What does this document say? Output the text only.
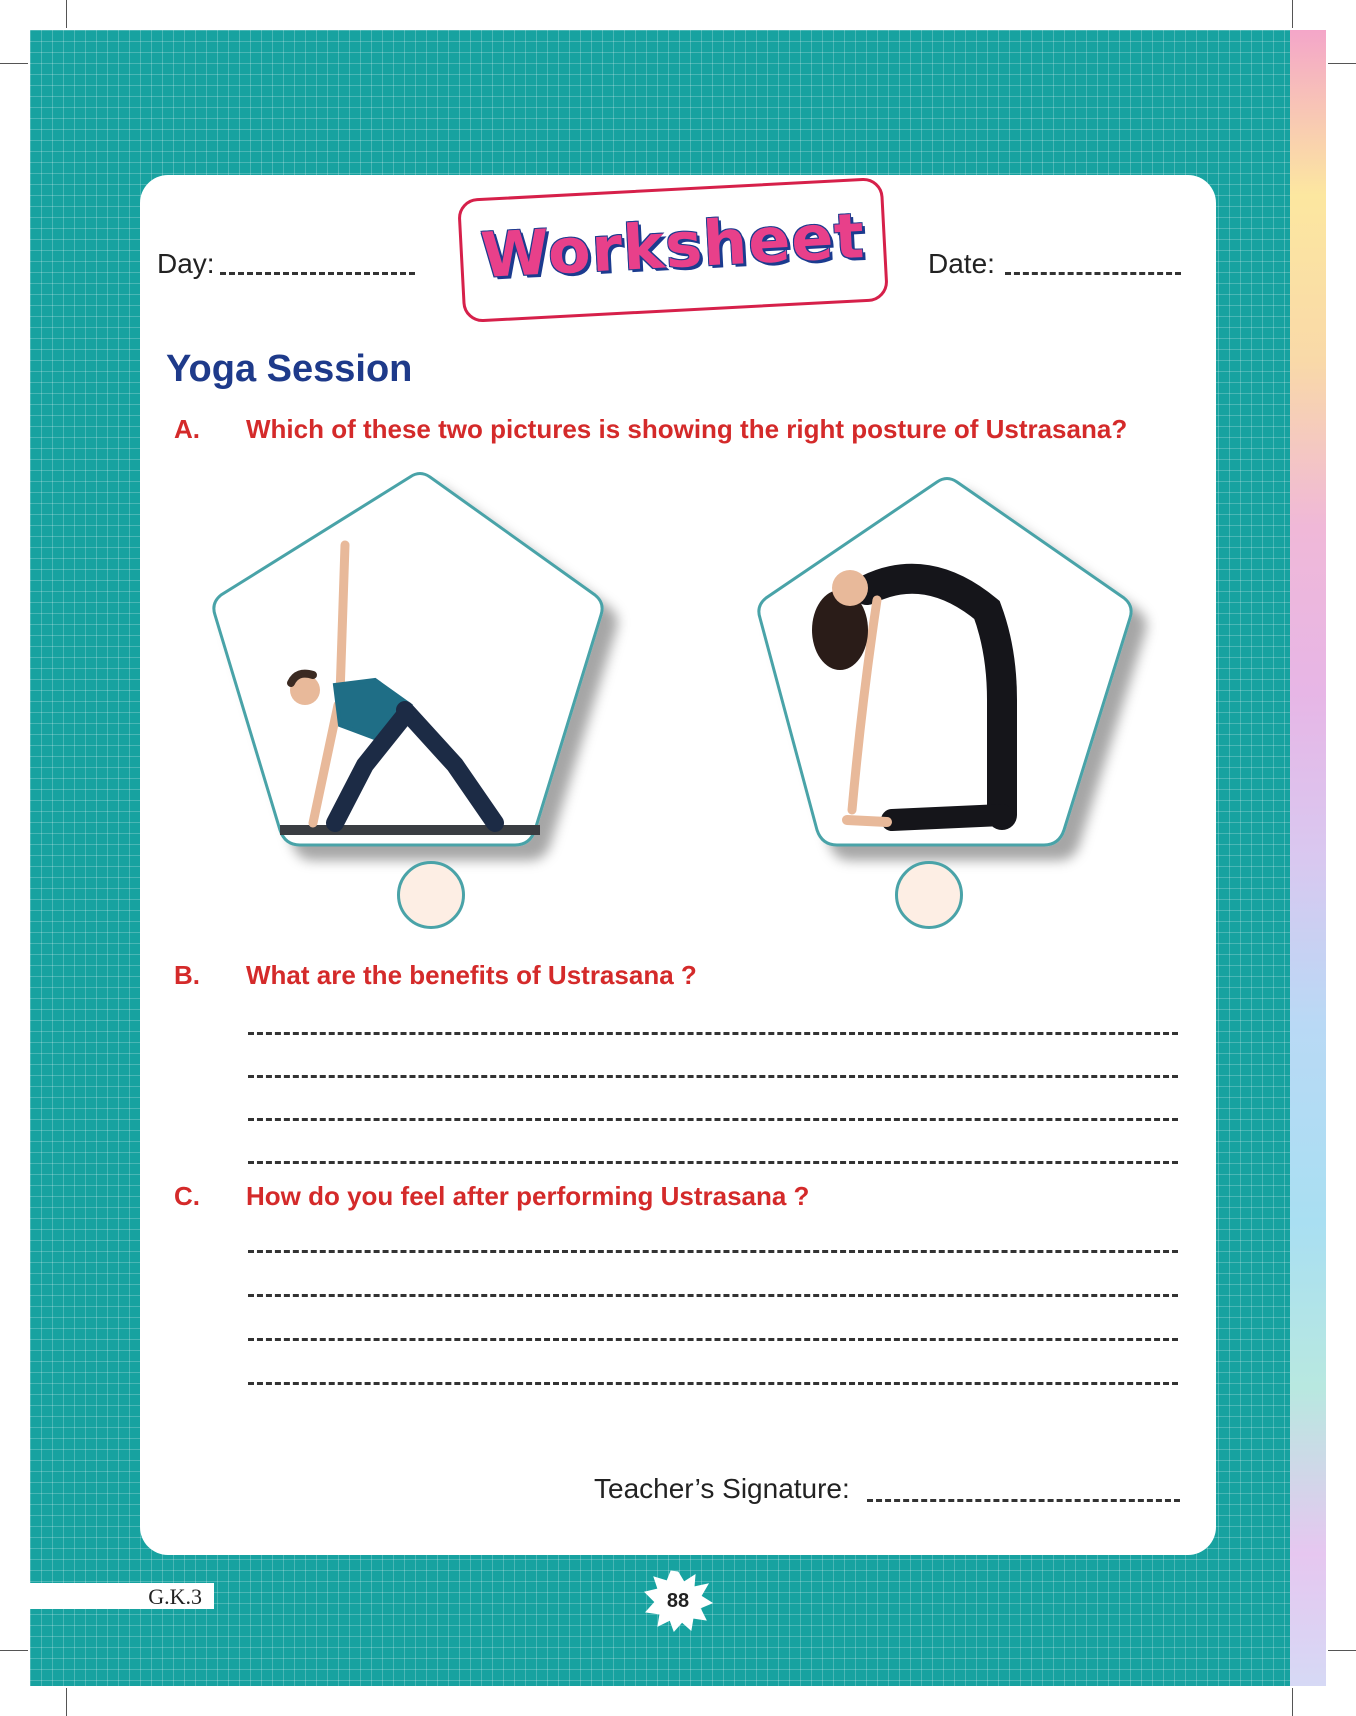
Day:	Worksheet	Date:
Yoga Session
A. Which of these two pictures is showing the right posture of Ustrasana?
B. What are the benefits of Ustrasana ?
C. How do you feel after performing Ustrasana ?
Teacher’s Signature:
G.K.3	88
